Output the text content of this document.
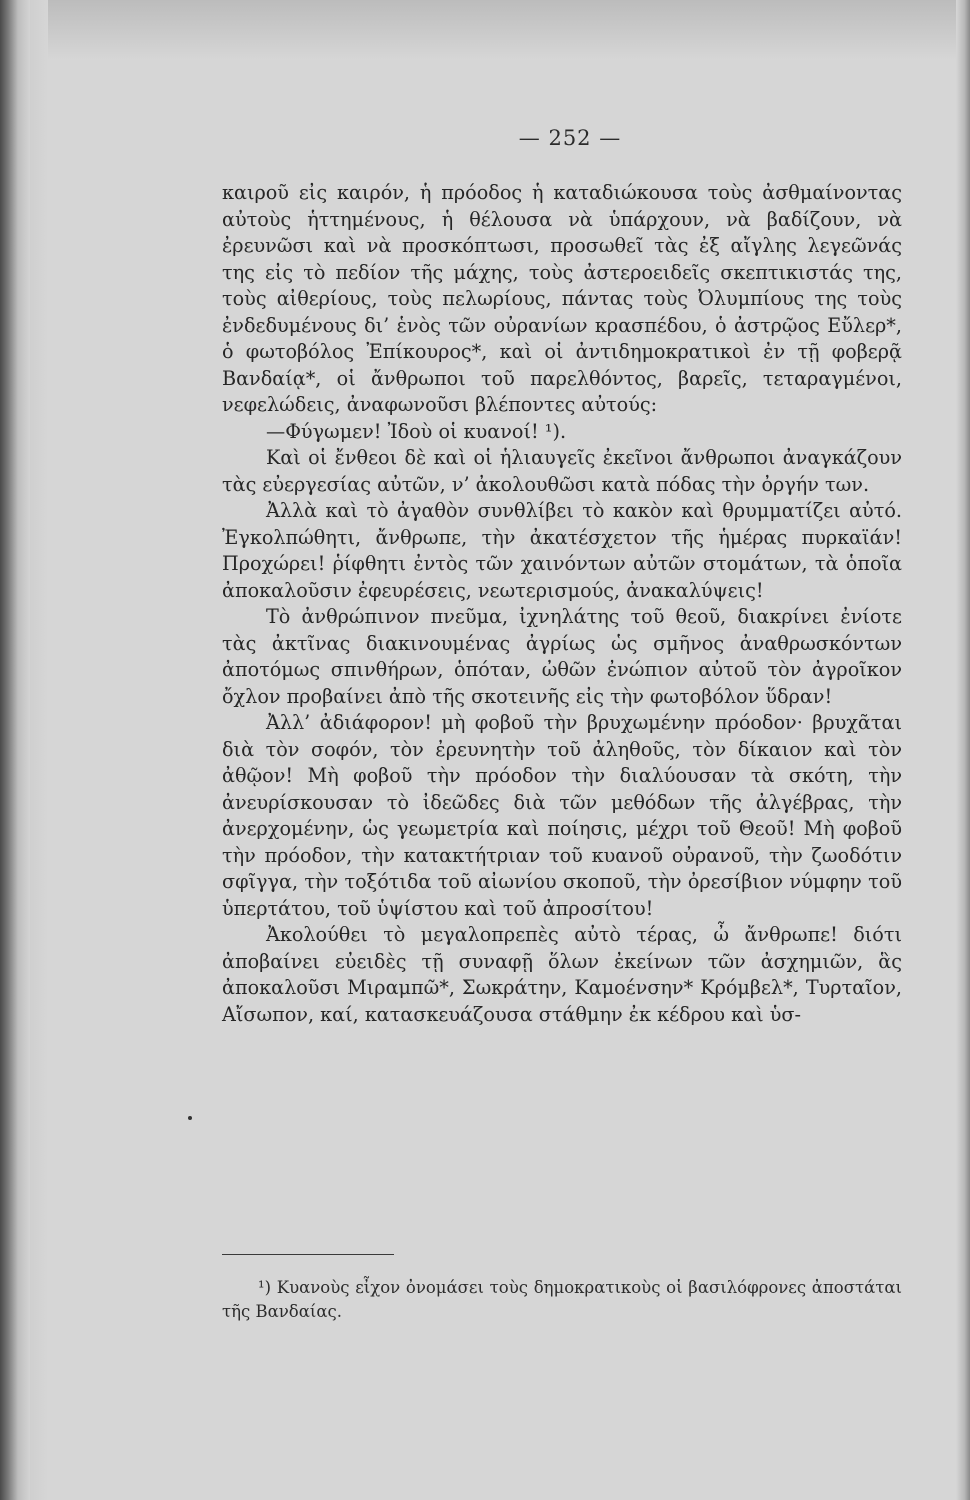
— 252 —

καιροῦ εἰς καιρόν, ἡ πρόοδος ἡ καταδιώκουσα τοὺς ἀσθμαίνοντας αὐτοὺς ἡττημένους, ἡ θέλουσα νὰ ὑπάρχουν, νὰ βαδίζουν, νὰ ἐρευνῶσι καὶ νὰ προσκόπτωσι, προσωθεῖ τὰς ἐξ αἴγλης λεγεῶνάς της εἰς τὸ πεδίον τῆς μάχης, τοὺς ἀστεροειδεῖς σκεπτικιστάς της, τοὺς αἰθερίους, τοὺς πελωρίους, πάντας τοὺς Ὀλυμπίους της τοὺς ἐνδεδυμένους δι’ ἑνὸς τῶν οὐρανίων κρασπέδου, ὁ ἀστρῷος Εὔλερ*, ὁ φωτοβόλος Ἐπίκουρος*, καὶ οἱ ἀντιδημοκρατικοὶ ἐν τῇ φοβερᾷ Βανδαίᾳ*, οἱ ἄνθρωποι τοῦ παρελθόντος, βαρεῖς, τεταραγμένοι, νεφελώδεις, ἀναφωνοῦσι βλέποντες αὐτούς:

—Φύγωμεν! Ἰδοὺ οἱ κυανοί! ¹).

Καὶ οἱ ἔνθεοι δὲ καὶ οἱ ἡλιαυγεῖς ἐκεῖνοι ἄνθρωποι ἀναγκάζουν τὰς εὐεργεσίας αὐτῶν, ν’ ἀκολουθῶσι κατὰ πόδας τὴν ὀργήν των.

Ἀλλὰ καὶ τὸ ἀγαθὸν συνθλίβει τὸ κακὸν καὶ θρυμματίζει αὐτό. Ἐγκολπώθητι, ἄνθρωπε, τὴν ἀκατέσχετον τῆς ἡμέρας πυρκαϊάν! Προχώρει! ῥίφθητι ἐντὸς τῶν χαινόντων αὐτῶν στομάτων, τὰ ὁποῖα ἀποκαλοῦσιν ἐφευρέσεις, νεωτερισμούς, ἀνακαλύψεις!

Τὸ ἀνθρώπινον πνεῦμα, ἰχνηλάτης τοῦ θεοῦ, διακρίνει ἐνίοτε τὰς ἀκτῖνας διακινουμένας ἀγρίως ὡς σμῆνος ἀναθρωσκόντων ἀποτόμως σπινθήρων, ὁπόταν, ὠθῶν ἐνώπιον αὐτοῦ τὸν ἀγροῖκον ὄχλον προβαίνει ἀπὸ τῆς σκοτεινῆς εἰς τὴν φωτοβόλον ὕδραν!

Ἀλλ’ ἀδιάφορον! μὴ φοβοῦ τὴν βρυχωμένην πρόοδον· βρυχᾶται διὰ τὸν σοφόν, τὸν ἐρευνητὴν τοῦ ἀληθοῦς, τὸν δίκαιον καὶ τὸν ἀθῷον! Μὴ φοβοῦ τὴν πρόοδον τὴν διαλύουσαν τὰ σκότη, τὴν ἀνευρίσκουσαν τὸ ἰδεῶδες διὰ τῶν μεθόδων τῆς ἀλγέβρας, τὴν ἀνερχομένην, ὡς γεωμετρία καὶ ποίησις, μέχρι τοῦ Θεοῦ! Μὴ φοβοῦ τὴν πρόοδον, τὴν κατακτήτριαν τοῦ κυανοῦ οὐρανοῦ, τὴν ζωοδότιν σφῖγγα, τὴν τοξότιδα τοῦ αἰωνίου σκοποῦ, τὴν ὀρεσίβιον νύμφην τοῦ ὑπερτάτου, τοῦ ὑψίστου καὶ τοῦ ἀπροσίτου!

Ἀκολούθει τὸ μεγαλοπρεπὲς αὐτὸ τέρας, ὦ ἄνθρωπε! διότι ἀποβαίνει εὐειδὲς τῇ συναφῇ ὅλων ἐκείνων τῶν ἀσχημιῶν, ἃς ἀποκαλοῦσι Μιραμπῶ*, Σωκράτην, Καμοένσην* Κρόμβελ*, Τυρταῖον, Αἴσωπον, καί, κατασκευάζουσα στάθμην ἐκ κέδρου καὶ ὑσ-

¹) Κυανοὺς εἶχον ὀνομάσει τοὺς δημοκρατικοὺς οἱ βασιλόφρονες ἀποστάται τῆς Βανδαίας.
